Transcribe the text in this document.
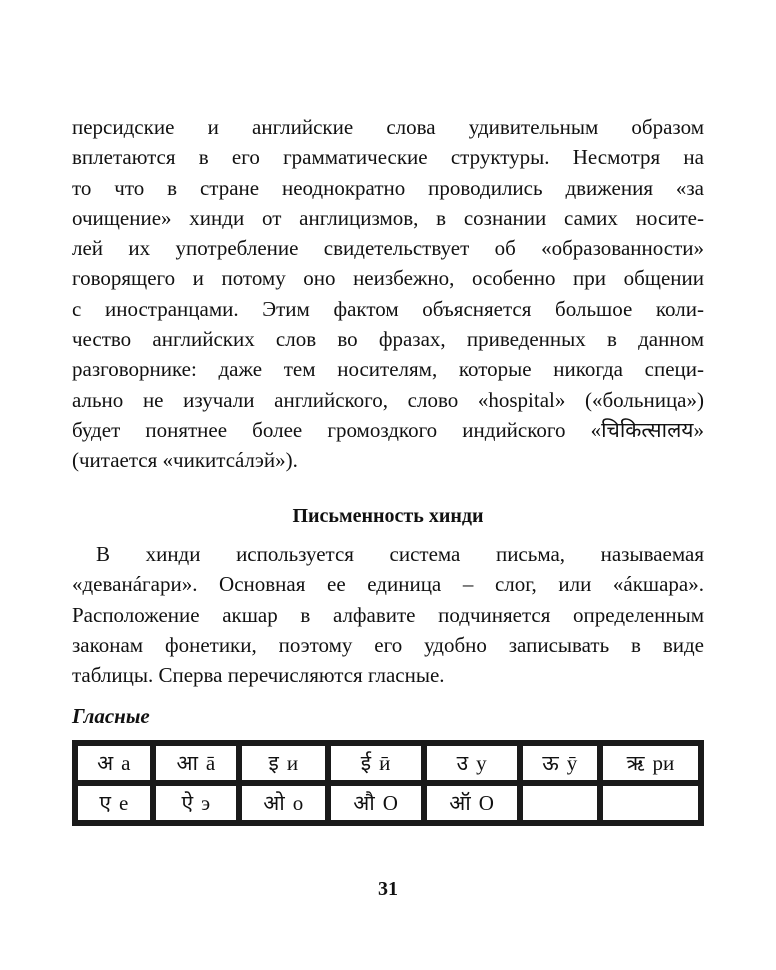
персидские и английские слова удивительным образом
вплетаются в его грамматические структуры. Несмотря на
то что в стране неоднократно проводились движения «за
очищение» хинди от англицизмов, в сознании самих носите-
лей их употребление свидетельствует об «образованности»
говорящего и потому оно неизбежно, особенно при общении
с иностранцами. Этим фактом объясняется большое коли-
чество английских слов во фразах, приведенных в данном
разговорнике: даже тем носителям, которые никогда специ-
ально не изучали английского, слово «hospital» («больница»)
будет понятнее более громоздкого индийского «चिकित्सालय»
(читается «чикитсáлэй»).
Письменность хинди
В хинди используется система письма, называемая
«деванáгари». Основная ее единица – слог, или «áкшара».
Расположение акшар в алфавите подчиняется определенным
законам фонетики, поэтому его удобно записывать в виде
таблицы. Сперва перечисляются гласные.
Гласные
अ а	आ ā	इ и	ई ӣ	उ у	ऊ ӯ	ऋ ри
ए е	ऐ э	ओ о	औ О	ऑ О		
31
